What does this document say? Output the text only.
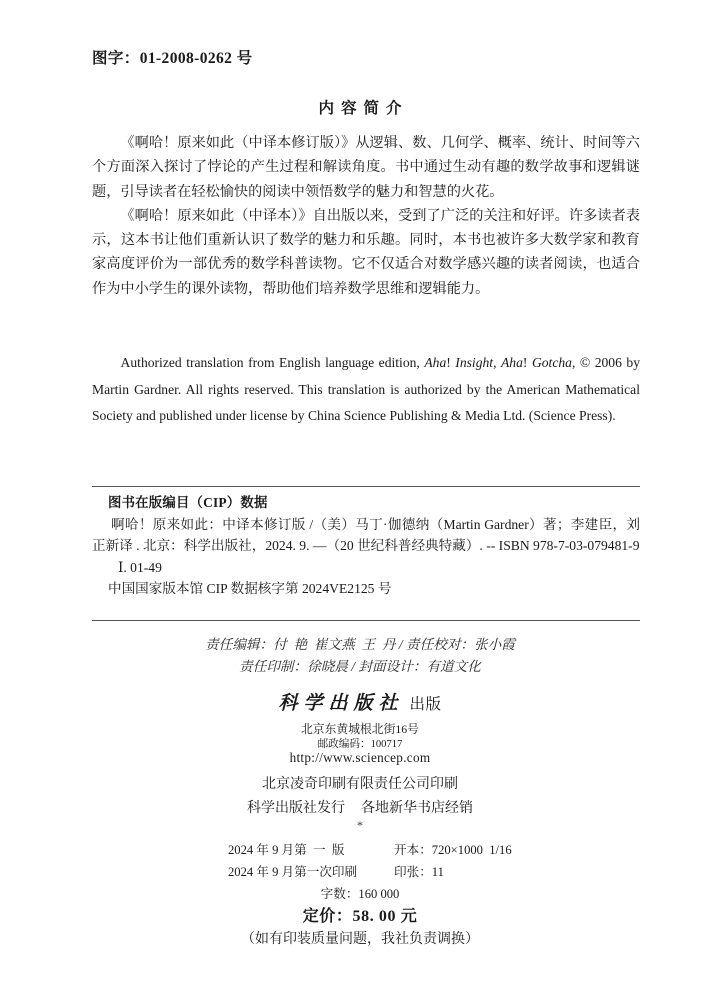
图字：01-2008-0262 号
内容简介

《啊哈！原来如此（中译本修订版）》从逻辑、数、几何学、概率、统计、时间等六个方面深入探讨了悖论的产生过程和解读角度。书中通过生动有趣的数学故事和逻辑谜题，引导读者在轻松愉快的阅读中领悟数学的魅力和智慧的火花。

《啊哈！原来如此（中译本）》自出版以来，受到了广泛的关注和好评。许多读者表示，这本书让他们重新认识了数学的魅力和乐趣。同时，本书也被许多大数学家和教育家高度评价为一部优秀的数学科普读物。它不仅适合对数学感兴趣的读者阅读，也适合作为中小学生的课外读物，帮助他们培养数学思维和逻辑能力。

Authorized translation from English language edition, Aha! Insight, Aha! Gotcha, © 2006 by Martin Gardner. All rights reserved. This translation is authorized by the American Mathematical Society and published under license by China Science Publishing & Media Ltd. (Science Press).
图书在版编目（CIP）数据
啊哈！原来如此：中译本修订版 /（美）马丁·伽德纳（Martin Gardner）著；李建臣，刘正新译 . 北京：科学出版社，2024. 9. —（20 世纪科普经典特藏）. -- ISBN 978-7-03-079481-9
Ⅰ. 01-49
中国国家版本馆 CIP 数据核字第 2024VE2125 号
责任编辑：付  艳  崔文燕  王  丹 / 责任校对：张小霞
责任印制：徐晓晨 / 封面设计：有道文化
科学出版社 出版
北京东黄城根北街16号
邮政编码：100717
http://www.sciencep.com
北京凌奇印刷有限责任公司印刷
科学出版社发行 各地新华书店经销
*
2024 年 9 月第  一  版	开本：720×1000  1/16
2024 年 9 月第一次印刷	印张：11
字数：160 000
定价：58. 00 元
（如有印装质量问题，我社负责调换）
